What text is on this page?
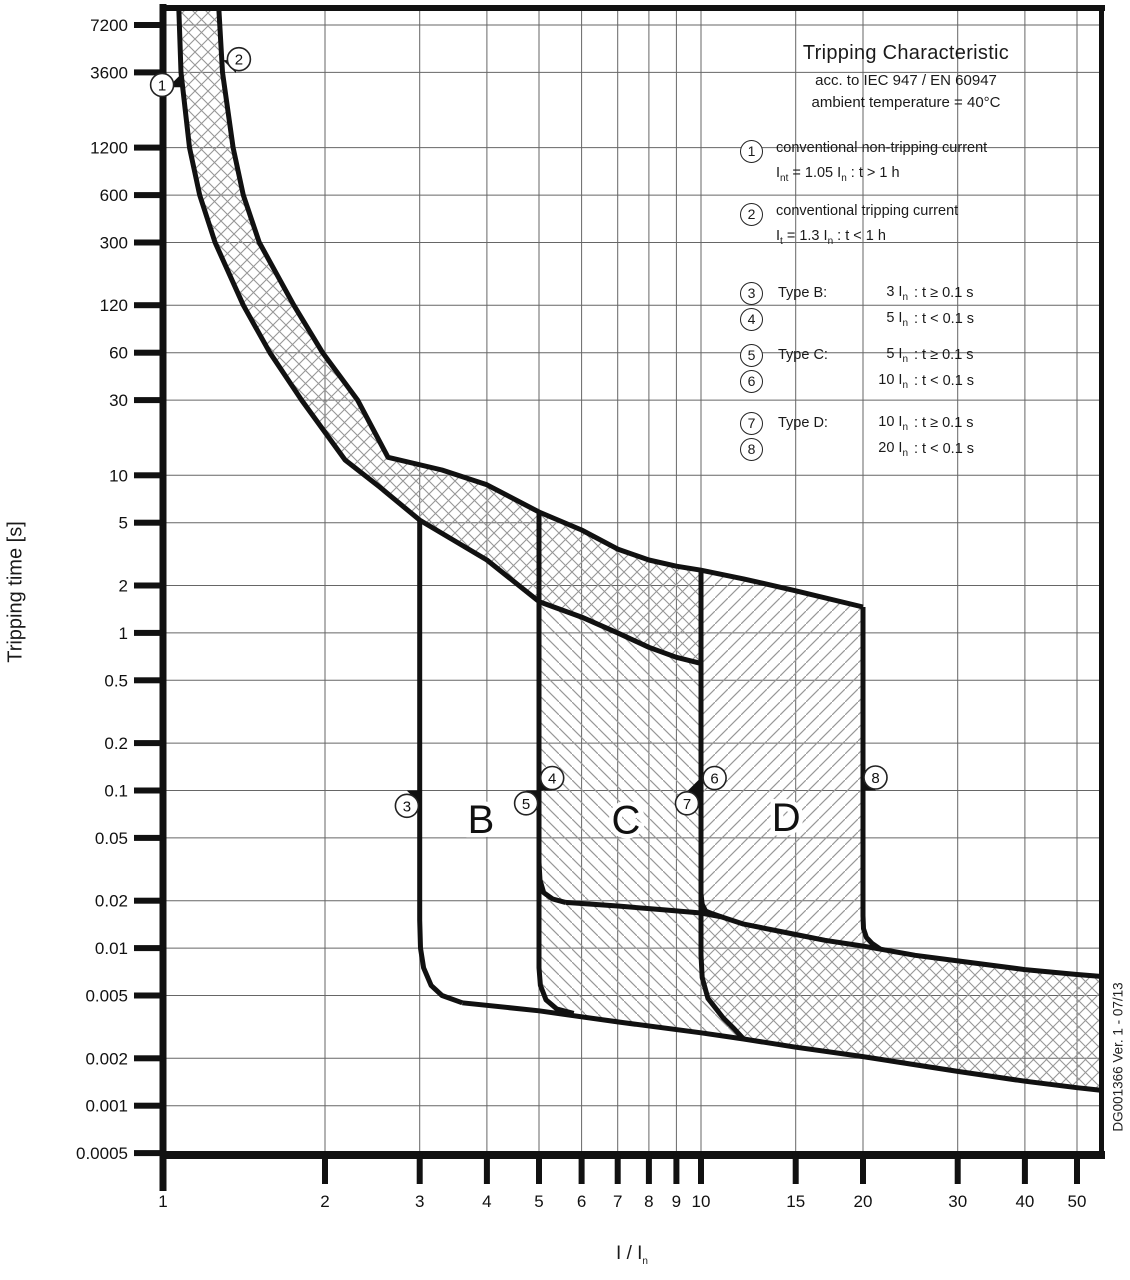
7200
3600
1200
600
300
120
60
30
10
5
2
1
0.5
0.2
0.1
0.05
0.02
0.01
0.005
0.002
0.001
0.0005
1	2	3	4	5 6 7 8 9 10	15	20	30	40 50
B	C	D
1
2
3
4
5
6
7
8
Tripping Characteristic
acc. to IEC 947 / EN 60947
ambient temperature = 40°C
1	conventional non-tripping current
$I_{nt} = 1.05$ $I_n$ : t > 1 h
2	conventional tripping current
$I_t = 1.3$ $I_n$ : t < 1 h
3	Type B:	3 $I_n$ : t ≥ 0.1 s
4	5 $I_n$ : t < 0.1 s
5	Type C:	5 $I_n$ : t ≥ 0.1 s
6	10 $I_n$ : t < 0.1 s
7	Type D:	10 $I_n$ : t ≥ 0.1 s
8	20 $I_n$ : t < 0.1 s
Tripping time [s]
I / $I_n$
DG001366 Ver. 1 - 07/13
